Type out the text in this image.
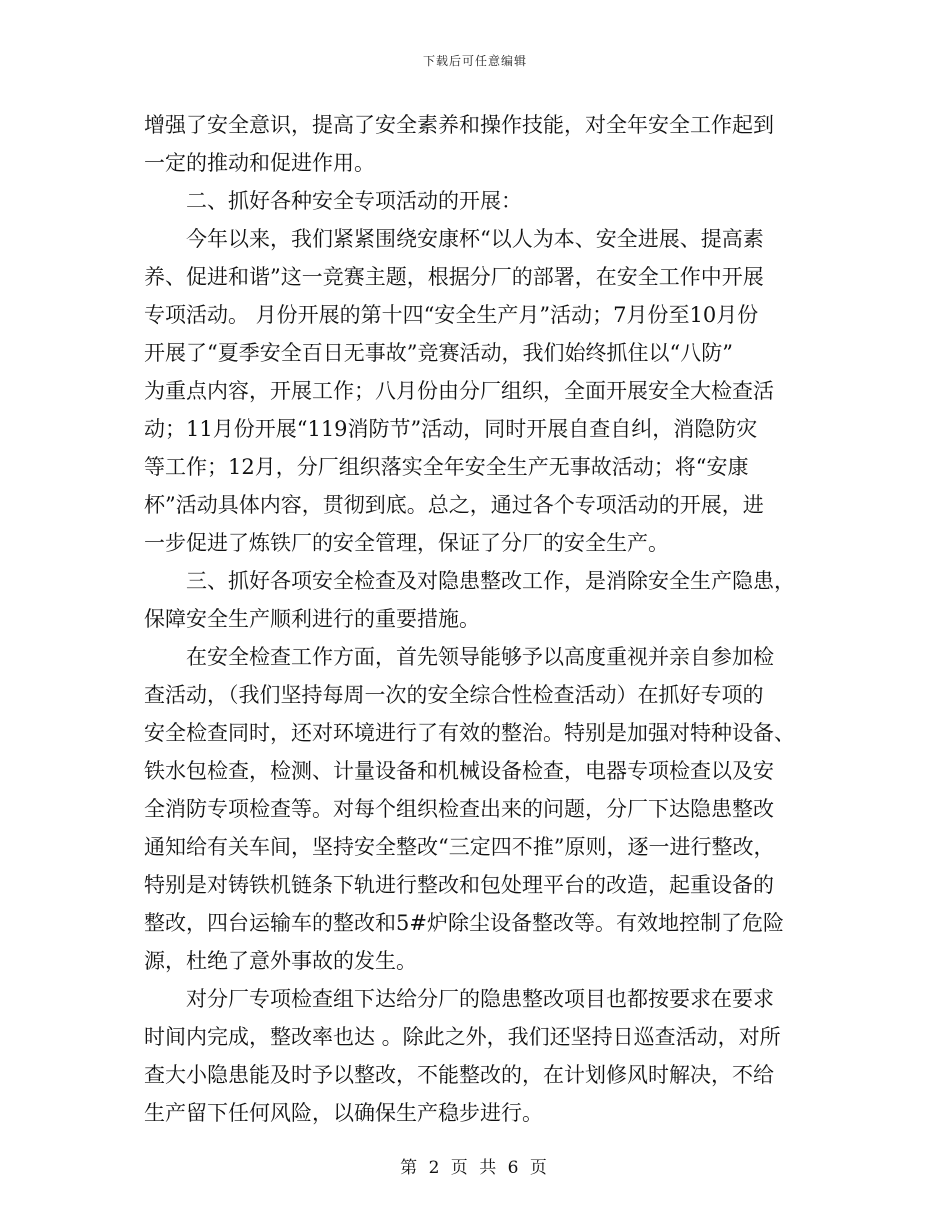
下载后可任意编辑
增强了安全意识，提高了安全素养和操作技能，对全年安全工作起到
一定的推动和促进作用。
　　二、抓好各种安全专项活动的开展：
　　今年以来，我们紧紧围绕安康杯“以人为本、安全进展、提高素
养、促进和谐”这一竞赛主题，根据分厂的部署，在安全工作中开展
专项活动。 月份开展的第十四“安全生产月”活动；7月份至10月份
开展了“夏季安全百日无事故”竞赛活动，我们始终抓住以“八防”
为重点内容，开展工作；八月份由分厂组织，全面开展安全大检查活
动；11月份开展“119消防节”活动，同时开展自查自纠，消隐防灾
等工作；12月，分厂组织落实全年安全生产无事故活动；将“安康
杯”活动具体内容，贯彻到底。总之，通过各个专项活动的开展，进
一步促进了炼铁厂的安全管理，保证了分厂的安全生产。
　　三、抓好各项安全检查及对隐患整改工作，是消除安全生产隐患，
保障安全生产顺利进行的重要措施。
　　在安全检查工作方面，首先领导能够予以高度重视并亲自参加检
查活动，（我们坚持每周一次的安全综合性检查活动）在抓好专项的
安全检查同时，还对环境进行了有效的整治。特别是加强对特种设备、
铁水包检查，检测、计量设备和机械设备检查，电器专项检查以及安
全消防专项检查等。对每个组织检查出来的问题，分厂下达隐患整改
通知给有关车间，坚持安全整改“三定四不推”原则，逐一进行整改，
特别是对铸铁机链条下轨进行整改和包处理平台的改造，起重设备的
整改，四台运输车的整改和5#炉除尘设备整改等。有效地控制了危险
源，杜绝了意外事故的发生。
　　对分厂专项检查组下达给分厂的隐患整改项目也都按要求在要求
时间内完成，整改率也达 。除此之外，我们还坚持日巡查活动，对所
查大小隐患能及时予以整改，不能整改的，在计划修风时解决，不给
生产留下任何风险，以确保生产稳步进行。
第 2 页 共 6 页
